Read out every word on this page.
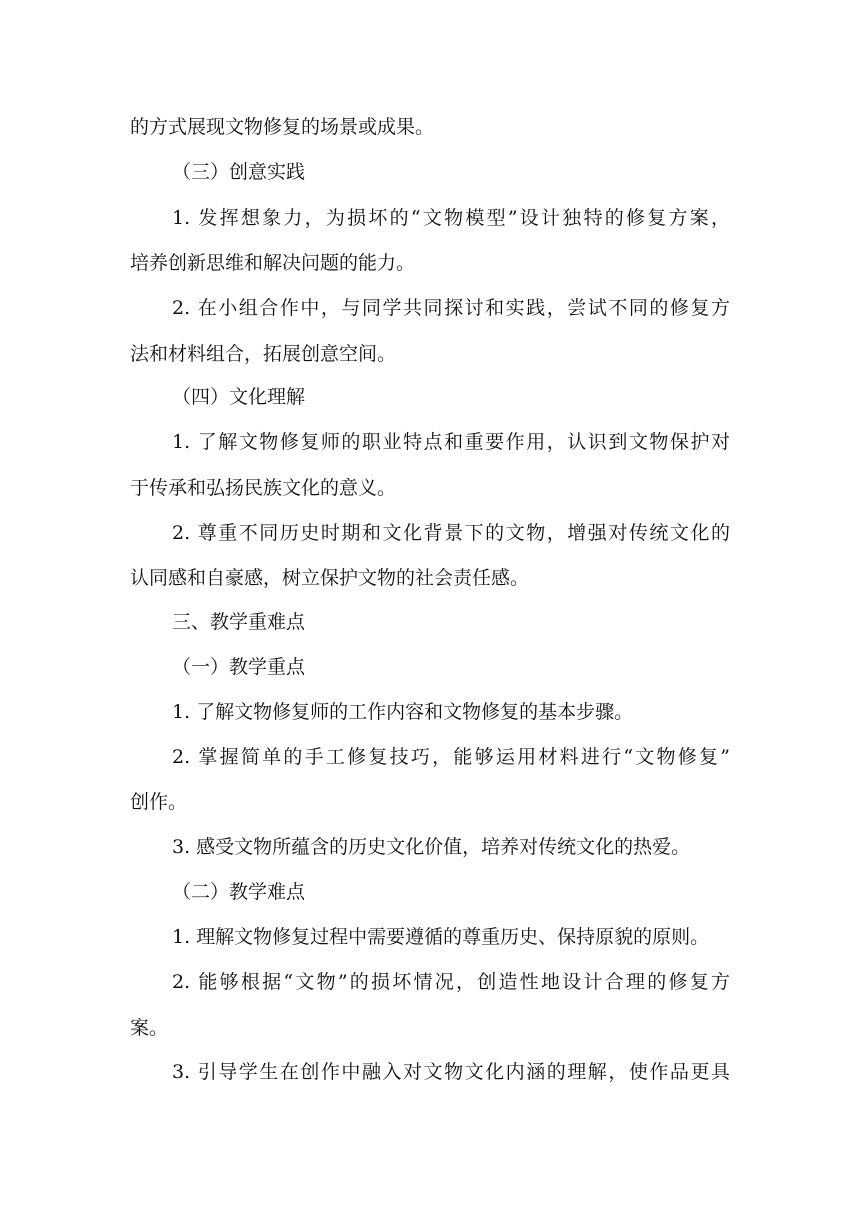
的方式展现文物修复的场景或成果。
（三）创意实践
1. 发挥想象力，为损坏的“文物模型”设计独特的修复方案，
培养创新思维和解决问题的能力。
2. 在小组合作中，与同学共同探讨和实践，尝试不同的修复方
法和材料组合，拓展创意空间。
（四）文化理解
1. 了解文物修复师的职业特点和重要作用，认识到文物保护对
于传承和弘扬民族文化的意义。
2. 尊重不同历史时期和文化背景下的文物，增强对传统文化的
认同感和自豪感，树立保护文物的社会责任感。
三、教学重难点
（一）教学重点
1. 了解文物修复师的工作内容和文物修复的基本步骤。
2. 掌握简单的手工修复技巧，能够运用材料进行“文物修复”
创作。
3. 感受文物所蕴含的历史文化价值，培养对传统文化的热爱。
（二）教学难点
1. 理解文物修复过程中需要遵循的尊重历史、保持原貌的原则。
2. 能够根据“文物”的损坏情况，创造性地设计合理的修复方
案。
3. 引导学生在创作中融入对文物文化内涵的理解，使作品更具
